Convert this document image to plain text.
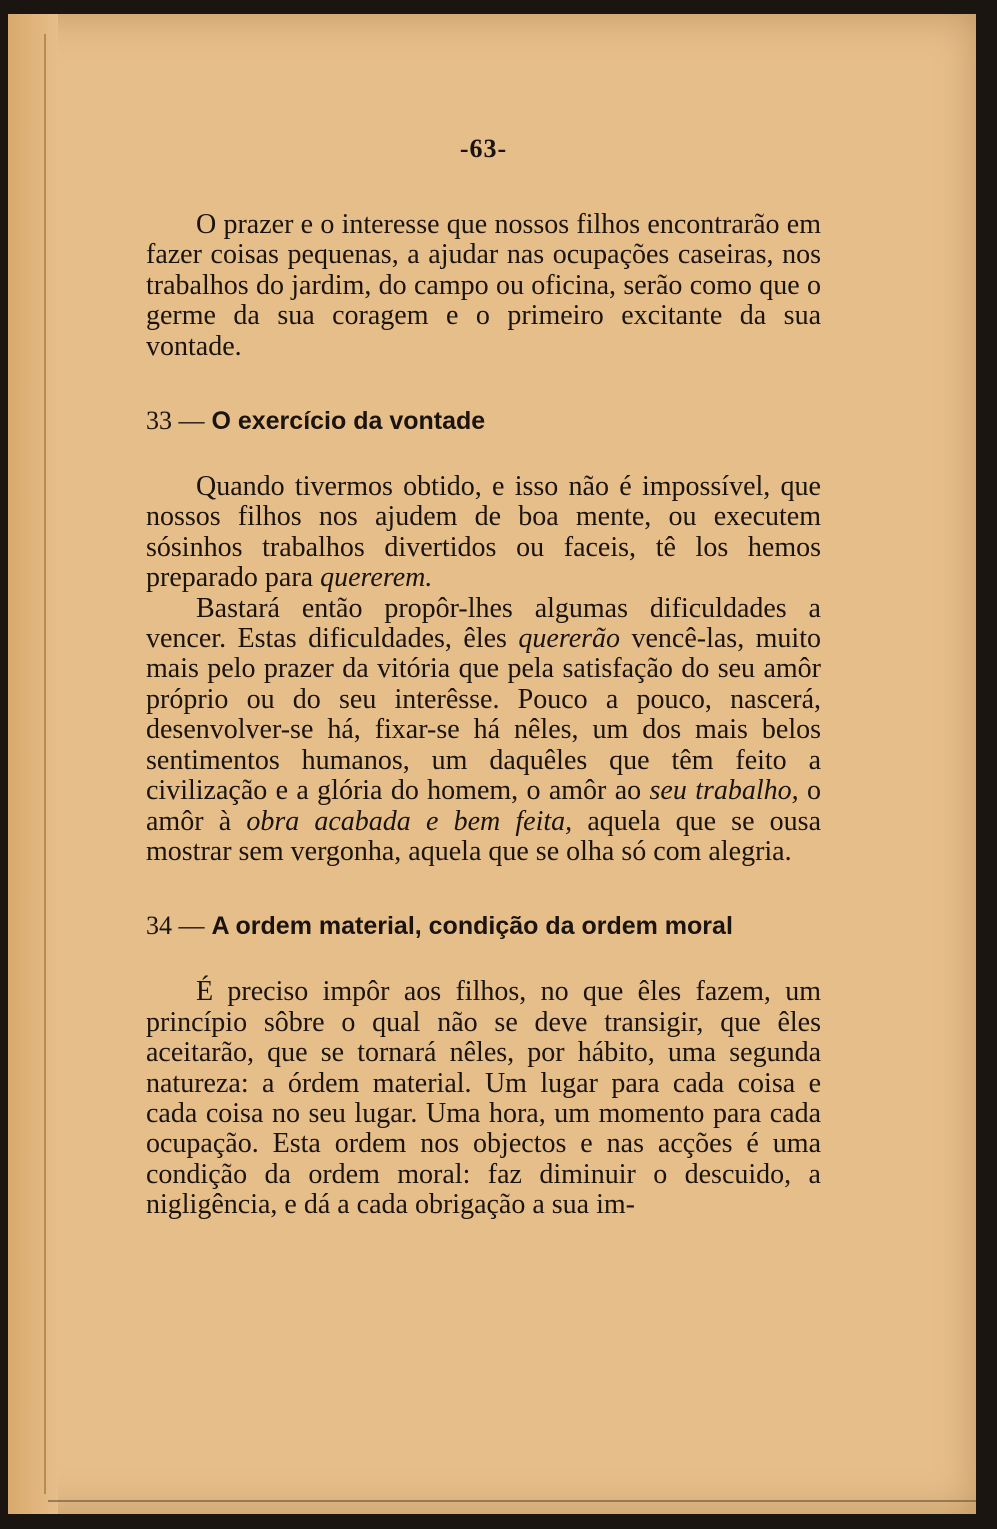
-63-

O prazer e o interesse que nossos filhos encontrarão em fazer coisas pequenas, a ajudar nas ocupações caseiras, nos trabalhos do jardim, do campo ou oficina, serão como que o germe da sua coragem e o primeiro excitante da sua vontade.

33 — O exercício da vontade

Quando tivermos obtido, e isso não é impossível, que nossos filhos nos ajudem de boa mente, ou executem sósinhos trabalhos divertidos ou faceis, tê los hemos preparado para quererem.

Bastará então propôr-lhes algumas dificuldades a vencer. Estas dificuldades, êles quererão vencê-las, muito mais pelo prazer da vitória que pela satisfação do seu amôr próprio ou do seu interêsse. Pouco a pouco, nascerá, desenvolver-se há, fixar-se há nêles, um dos mais belos sentimentos humanos, um daquêles que têm feito a civilização e a glória do homem, o amôr ao seu trabalho, o amôr à obra acabada e bem feita, aquela que se ousa mostrar sem vergonha, aquela que se olha só com alegria.

34 — A ordem material, condição da ordem moral

É preciso impôr aos filhos, no que êles fazem, um princípio sôbre o qual não se deve transigir, que êles aceitarão, que se tornará nêles, por hábito, uma segunda natureza: a órdem material. Um lugar para cada coisa e cada coisa no seu lugar. Uma hora, um momento para cada ocupação. Esta ordem nos objectos e nas acções é uma condição da ordem moral: faz diminuir o descuido, a nigligência, e dá a cada obrigação a sua im-
